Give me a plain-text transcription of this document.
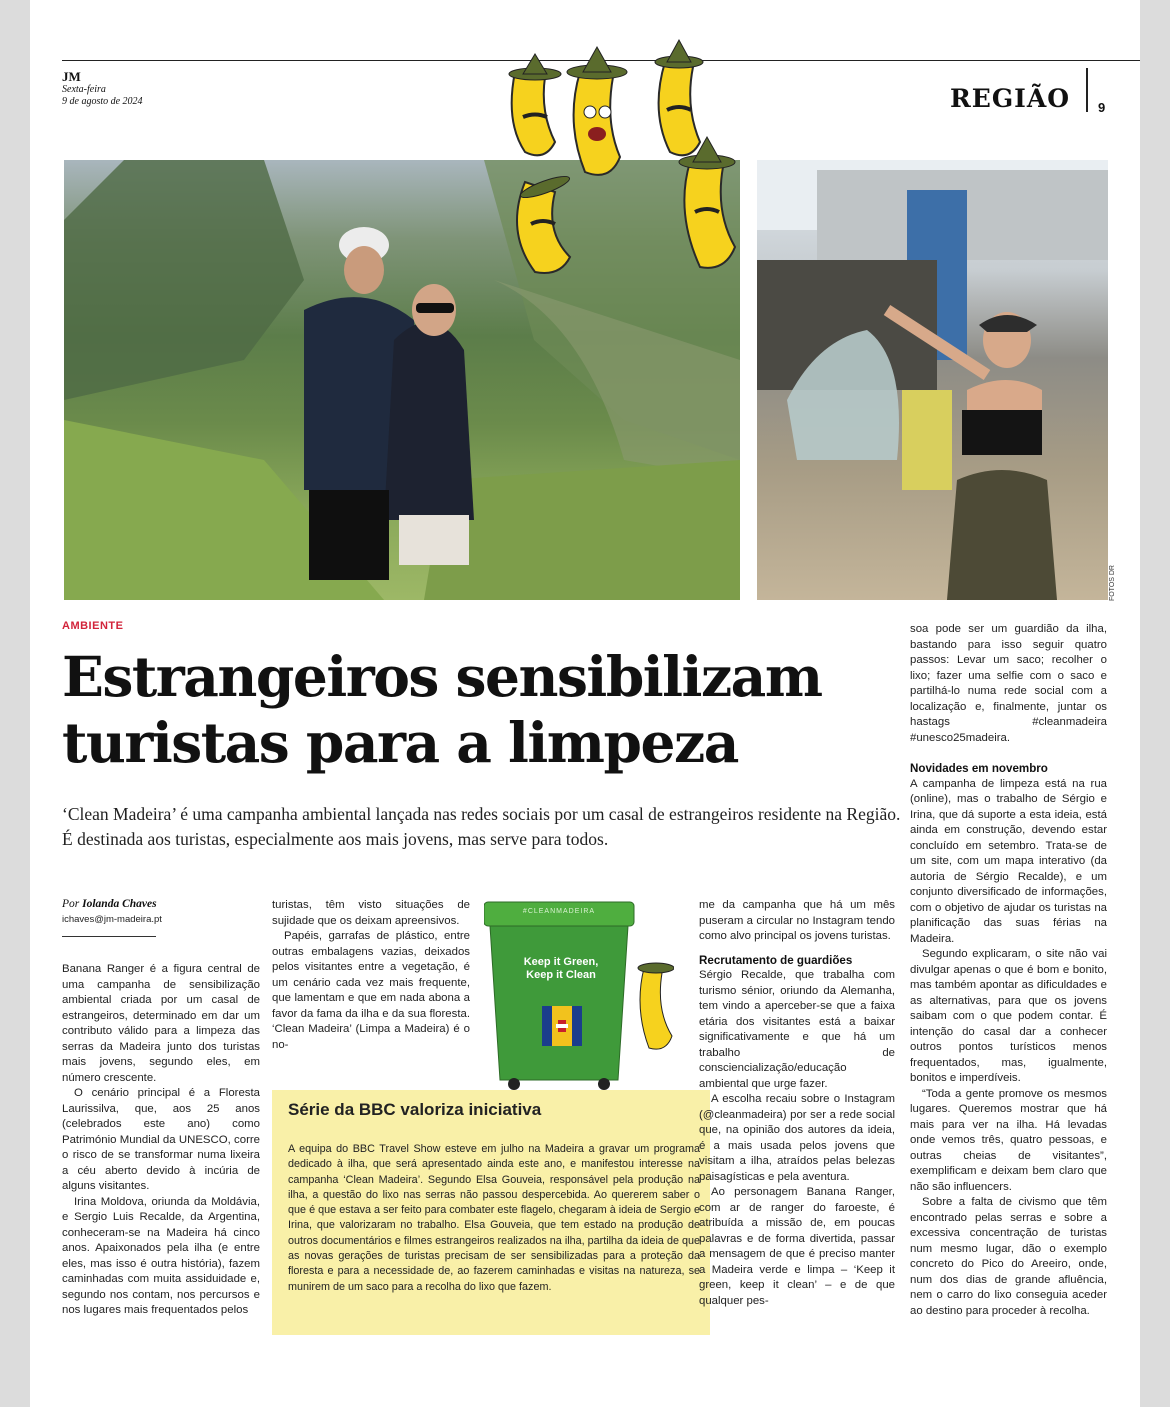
JM
Sexta-feira
9 de agosto de 2024	REGIÃO 9
FOTOS DR
AMBIENTE
Estrangeiros sensibilizam
turistas para a limpeza
‘Clean Madeira’ é uma campanha ambiental lançada nas redes sociais por um casal de estrangeiros residente na Região. É destinada aos turistas, especialmente aos mais jovens, mas serve para todos.
Por Iolanda Chaves
ichaves@jm-madeira.pt

Banana Ranger é a figura central de uma campanha de sensibilização ambiental criada por um casal de estrangeiros, determinado em dar um contributo válido para a limpeza das serras da Madeira junto dos turistas mais jovens, segundo eles, em número crescente.

O cenário principal é a Floresta Laurissilva, que, aos 25 anos (celebrados este ano) como Património Mundial da UNESCO, corre o risco de se transformar numa lixeira a céu aberto devido à incúria de alguns visitantes.

Irina Moldova, oriunda da Moldávia, e Sergio Luis Recalde, da Argentina, conheceram-se na Madeira há cinco anos. Apaixonados pela ilha (e entre eles, mas isso é outra história), fazem caminhadas com muita assiduidade e, segundo nos contam, nos percursos e nos lugares mais frequentados pelos

turistas, têm visto situações de sujidade que os deixam apreensivos.

Papéis, garrafas de plástico, entre outras embalagens vazias, deixados pelos visitantes entre a vegetação, é um cenário cada vez mais frequente, que lamentam e que em nada abona a favor da fama da ilha e da sua floresta. ‘Clean Madeira’ (Limpa a Madeira) é o no-

#CLEANMADEIRA
Keep it Green,
Keep it Clean
Série da BBC valoriza iniciativa
A equipa do BBC Travel Show esteve em julho na Madeira a gravar um programa dedicado à ilha, que será apresentado ainda este ano, e manifestou interesse na campanha ‘Clean Madeira’. Segundo Elsa Gouveia, responsável pela produção na ilha, a questão do lixo nas serras não passou despercebida. Ao quererem saber o que é que estava a ser feito para combater este flagelo, chegaram à ideia de Sergio e Irina, que valorizaram no trabalho. Elsa Gouveia, que tem estado na produção de outros documentários e filmes estrangeiros realizados na ilha, partilha da ideia de que as novas gerações de turistas precisam de ser sensibilizadas para a proteção da floresta e para a necessidade de, ao fazerem caminhadas e visitas na natureza, se munirem de um saco para a recolha do lixo que fazem.

me da campanha que há um mês puseram a circular no Instagram tendo como alvo principal os jovens turistas.

Recrutamento de guardiões

Sérgio Recalde, que trabalha com turismo sénior, oriundo da Alemanha, tem vindo a aperceber-se que a faixa etária dos visitantes está a baixar significativamente e que há um trabalho de consciencialização/educação ambiental que urge fazer.

A escolha recaiu sobre o Instagram (@cleanmadeira) por ser a rede social que, na opinião dos autores da ideia, é a mais usada pelos jovens que visitam a ilha, atraídos pelas belezas paisagísticas e pela aventura.

Ao personagem Banana Ranger, com ar de ranger do faroeste, é atribuída a missão de, em poucas palavras e de forma divertida, passar a mensagem de que é preciso manter a Madeira verde e limpa – ‘Keep it green, keep it clean’ – e de que qualquer pes-

soa pode ser um guardião da ilha, bastando para isso seguir quatro passos: Levar um saco; recolher o lixo; fazer uma selfie com o saco e partilhá-lo numa rede social com a localização e, finalmente, juntar os hastags #cleanmadeira #unesco25madeira.

Novidades em novembro

A campanha de limpeza está na rua (online), mas o trabalho de Sérgio e Irina, que dá suporte a esta ideia, está ainda em construção, devendo estar concluído em setembro. Trata-se de um site, com um mapa interativo (da autoria de Sérgio Recalde), e um conjunto diversificado de informações, com o objetivo de ajudar os turistas na planificação das suas férias na Madeira.

Segundo explicaram, o site não vai divulgar apenas o que é bom e bonito, mas também apontar as dificuldades e as alternativas, para que os jovens saibam com o que podem contar. É intenção do casal dar a conhecer outros pontos turísticos menos frequentados, mas, igualmente, bonitos e imperdíveis.

“Toda a gente promove os mesmos lugares. Queremos mostrar que há mais para ver na ilha. Há levadas onde vemos três, quatro pessoas, e outras cheias de visitantes”, exemplificam e deixam bem claro que não são influencers.

Sobre a falta de civismo que têm encontrado pelas serras e sobre a excessiva concentração de turistas num mesmo lugar, dão o exemplo concreto do Pico do Areeiro, onde, num dos dias de grande afluência, nem o carro do lixo conseguia aceder ao destino para proceder à recolha.
